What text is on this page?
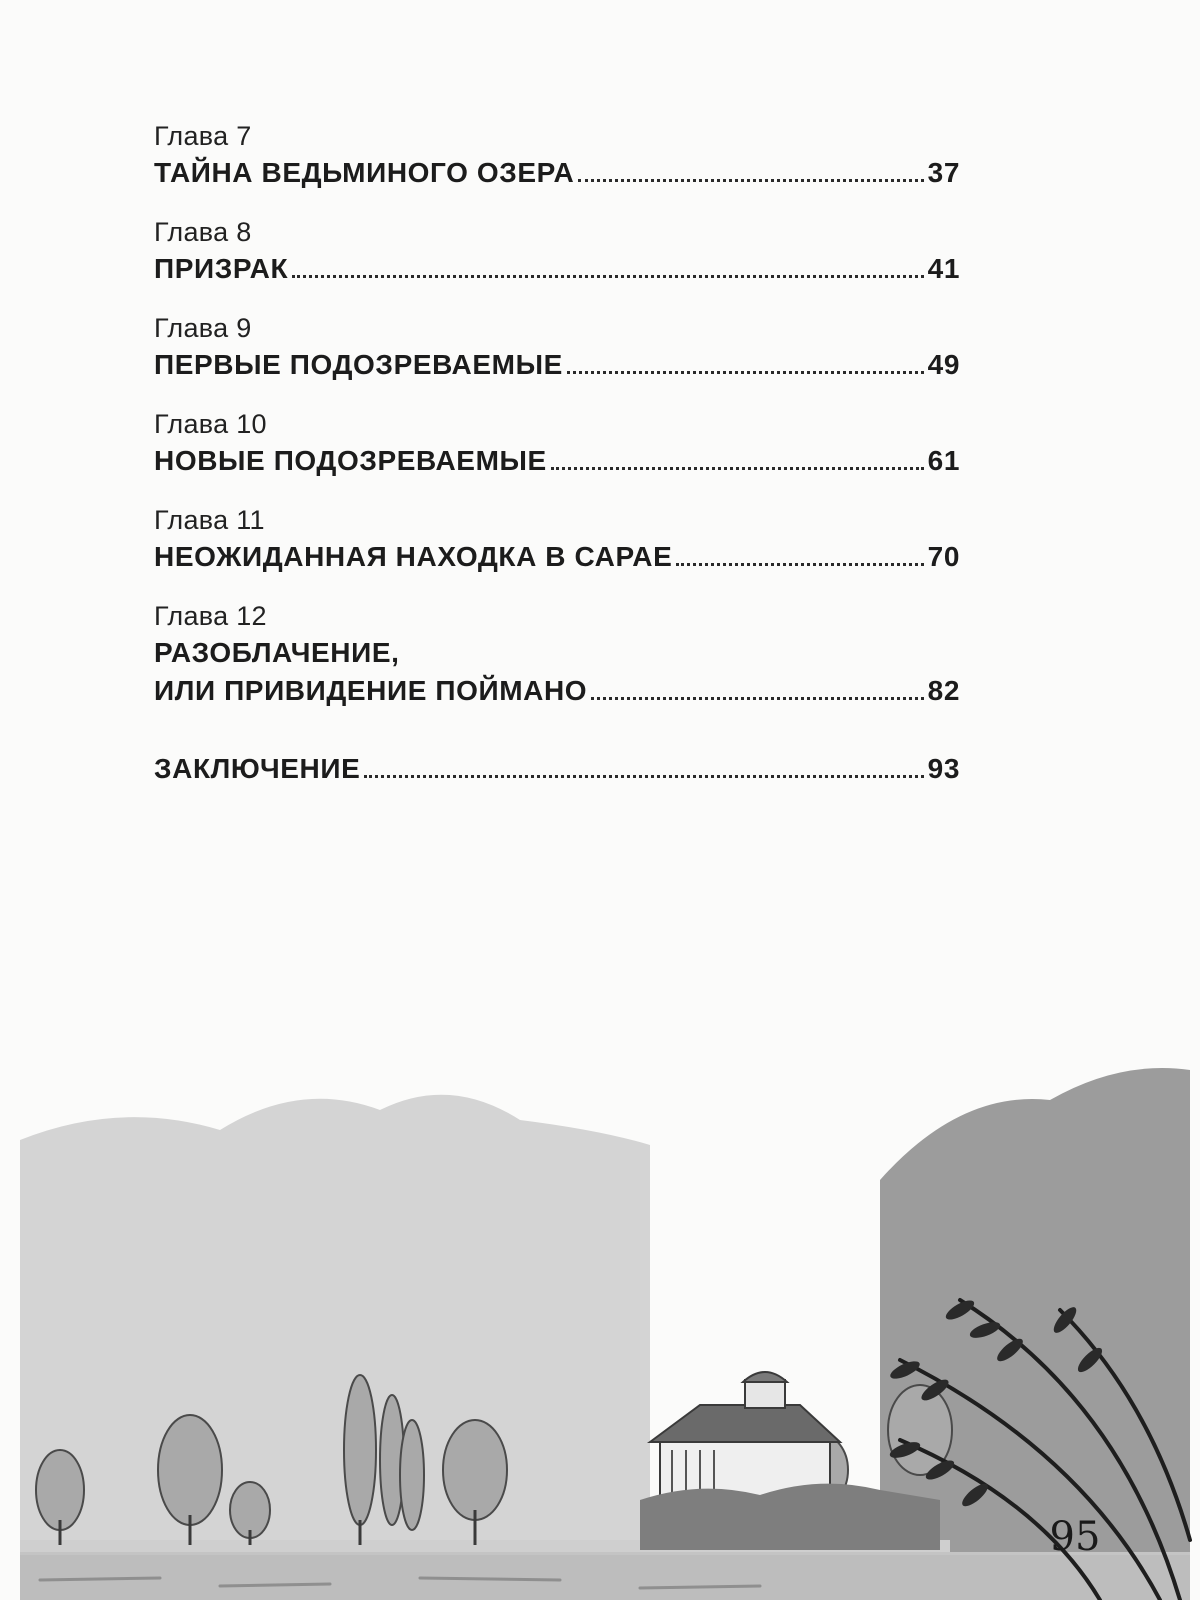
Глава 7
ТАЙНА ВЕДЬМИНОГО ОЗЕРА	37
Глава 8
ПРИЗРАК	41
Глава 9
ПЕРВЫЕ ПОДОЗРЕВАЕМЫЕ	49
Глава 10
НОВЫЕ ПОДОЗРЕВАЕМЫЕ	61
Глава 11
НЕОЖИДАННАЯ НАХОДКА В САРАЕ	70
Глава 12
РАЗОБЛАЧЕНИЕ,
ИЛИ ПРИВИДЕНИЕ ПОЙМАНО	82
ЗАКЛЮЧЕНИЕ	93
95
